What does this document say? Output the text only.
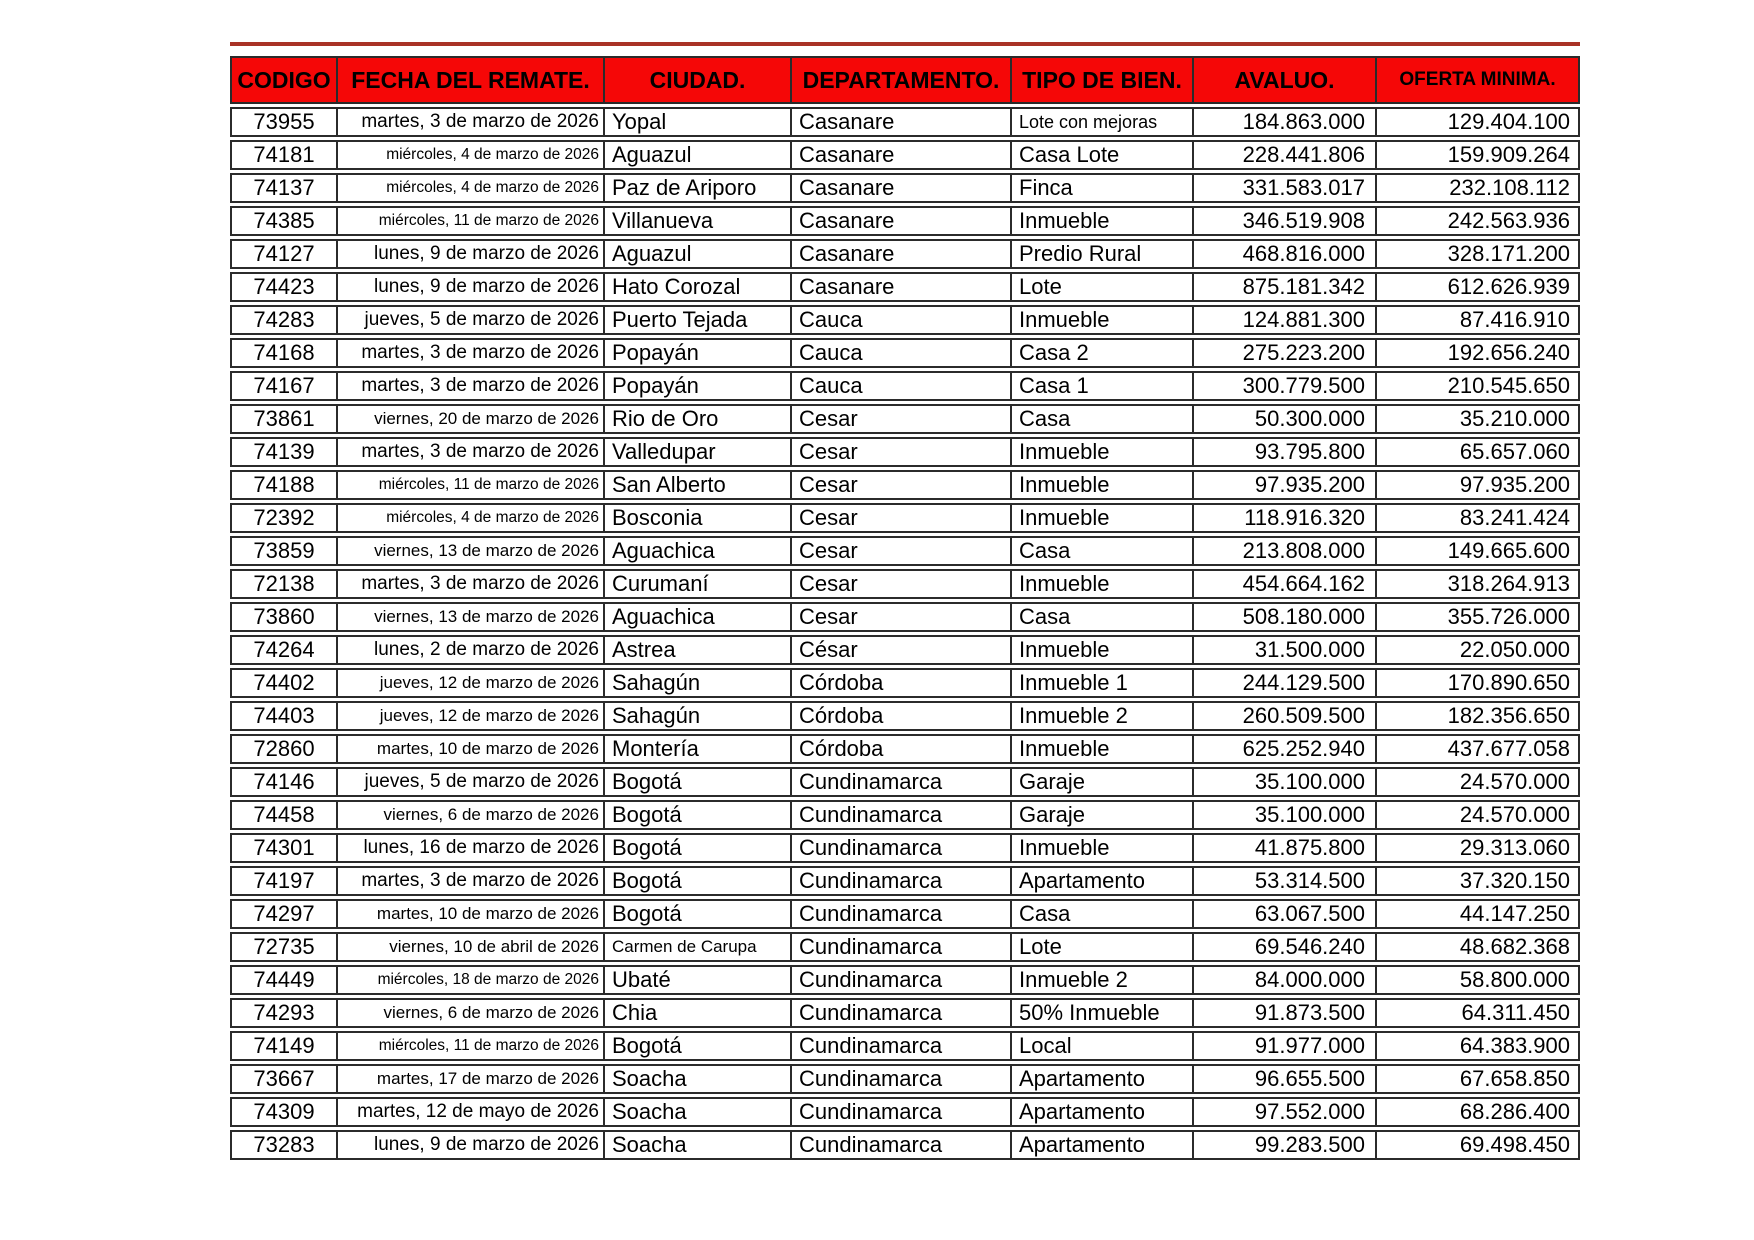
CODIGO	FECHA DEL REMATE.	CIUDAD.	DEPARTAMENTO.	TIPO DE BIEN.	AVALUO.	OFERTA MINIMA.
73955	martes, 3 de marzo de 2026	Yopal	Casanare	Lote con mejoras	184.863.000	129.404.100
74181	miércoles, 4 de marzo de 2026	Aguazul	Casanare	Casa Lote	228.441.806	159.909.264
74137	miércoles, 4 de marzo de 2026	Paz de Ariporo	Casanare	Finca	331.583.017	232.108.112
74385	miércoles, 11 de marzo de 2026	Villanueva	Casanare	Inmueble	346.519.908	242.563.936
74127	lunes, 9 de marzo de 2026	Aguazul	Casanare	Predio Rural	468.816.000	328.171.200
74423	lunes, 9 de marzo de 2026	Hato Corozal	Casanare	Lote	875.181.342	612.626.939
74283	jueves, 5 de marzo de 2026	Puerto Tejada	Cauca	Inmueble	124.881.300	87.416.910
74168	martes, 3 de marzo de 2026	Popayán	Cauca	Casa 2	275.223.200	192.656.240
74167	martes, 3 de marzo de 2026	Popayán	Cauca	Casa 1	300.779.500	210.545.650
73861	viernes, 20 de marzo de 2026	Rio de Oro	Cesar	Casa	50.300.000	35.210.000
74139	martes, 3 de marzo de 2026	Valledupar	Cesar	Inmueble	93.795.800	65.657.060
74188	miércoles, 11 de marzo de 2026	San Alberto	Cesar	Inmueble	97.935.200	97.935.200
72392	miércoles, 4 de marzo de 2026	Bosconia	Cesar	Inmueble	118.916.320	83.241.424
73859	viernes, 13 de marzo de 2026	Aguachica	Cesar	Casa	213.808.000	149.665.600
72138	martes, 3 de marzo de 2026	Curumaní	Cesar	Inmueble	454.664.162	318.264.913
73860	viernes, 13 de marzo de 2026	Aguachica	Cesar	Casa	508.180.000	355.726.000
74264	lunes, 2 de marzo de 2026	Astrea	César	Inmueble	31.500.000	22.050.000
74402	jueves, 12 de marzo de 2026	Sahagún	Córdoba	Inmueble 1	244.129.500	170.890.650
74403	jueves, 12 de marzo de 2026	Sahagún	Córdoba	Inmueble 2	260.509.500	182.356.650
72860	martes, 10 de marzo de 2026	Montería	Córdoba	Inmueble	625.252.940	437.677.058
74146	jueves, 5 de marzo de 2026	Bogotá	Cundinamarca	Garaje	35.100.000	24.570.000
74458	viernes, 6 de marzo de 2026	Bogotá	Cundinamarca	Garaje	35.100.000	24.570.000
74301	lunes, 16 de marzo de 2026	Bogotá	Cundinamarca	Inmueble	41.875.800	29.313.060
74197	martes, 3 de marzo de 2026	Bogotá	Cundinamarca	Apartamento	53.314.500	37.320.150
74297	martes, 10 de marzo de 2026	Bogotá	Cundinamarca	Casa	63.067.500	44.147.250
72735	viernes, 10 de abril de 2026	Carmen de Carupa	Cundinamarca	Lote	69.546.240	48.682.368
74449	miércoles, 18 de marzo de 2026	Ubaté	Cundinamarca	Inmueble 2	84.000.000	58.800.000
74293	viernes, 6 de marzo de 2026	Chia	Cundinamarca	50% Inmueble	91.873.500	64.311.450
74149	miércoles, 11 de marzo de 2026	Bogotá	Cundinamarca	Local	91.977.000	64.383.900
73667	martes, 17 de marzo de 2026	Soacha	Cundinamarca	Apartamento	96.655.500	67.658.850
74309	martes, 12 de mayo de 2026	Soacha	Cundinamarca	Apartamento	97.552.000	68.286.400
73283	lunes, 9 de marzo de 2026	Soacha	Cundinamarca	Apartamento	99.283.500	69.498.450
